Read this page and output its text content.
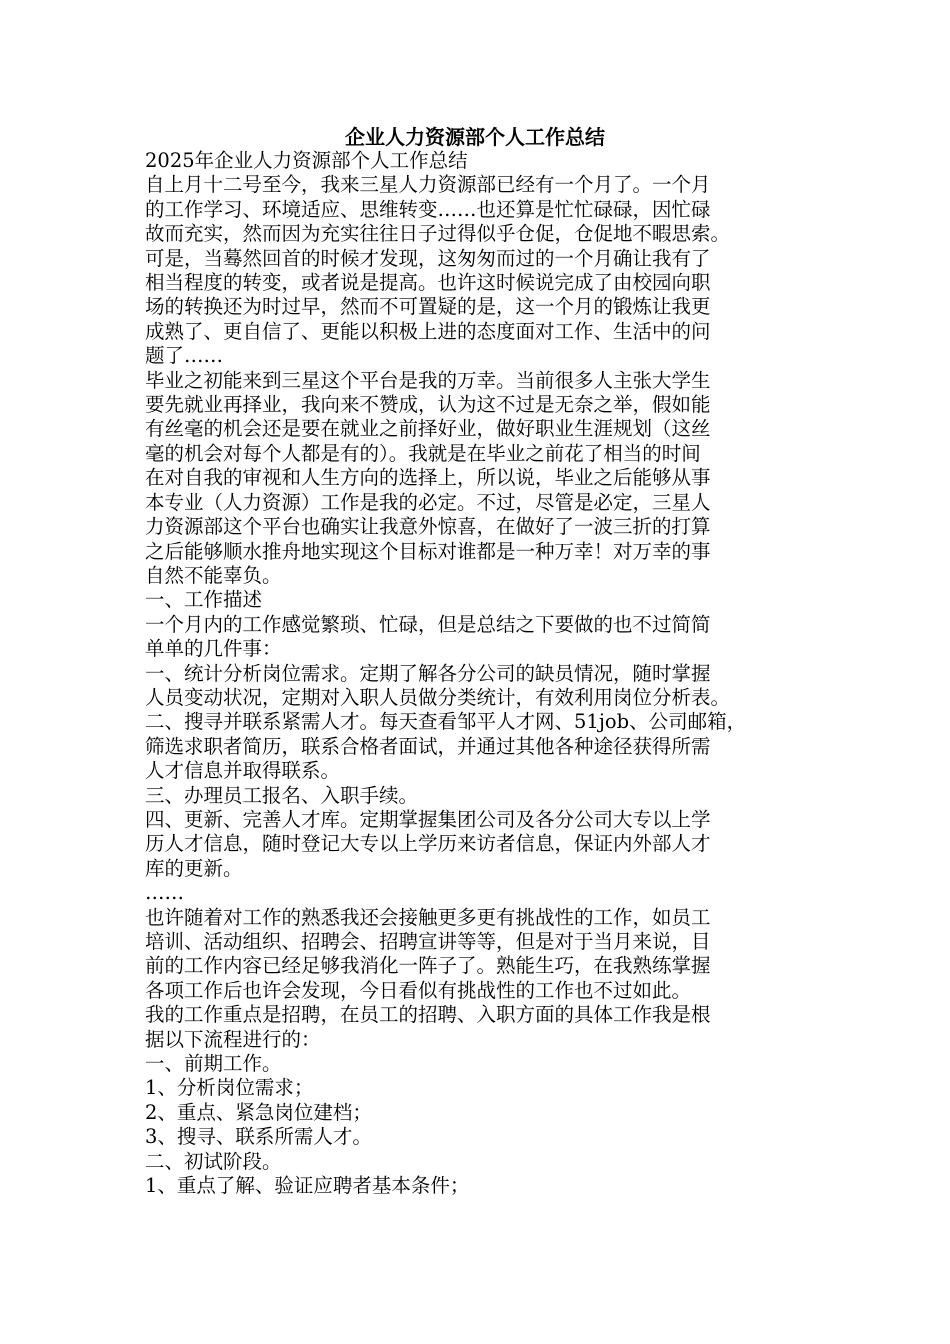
企业人力资源部个人工作总结

2025年企业人力资源部个人工作总结

自上月十二号至今，我来三星人力资源部已经有一个月了。一个月
的工作学习、环境适应、思维转变……也还算是忙忙碌碌，因忙碌
故而充实，然而因为充实往往日子过得似乎仓促，仓促地不暇思索。
可是，当蓦然回首的时候才发现，这匆匆而过的一个月确让我有了
相当程度的转变，或者说是提高。也许这时候说完成了由校园向职
场的转换还为时过早，然而不可置疑的是，这一个月的锻炼让我更
成熟了、更自信了、更能以积极上进的态度面对工作、生活中的问
题了……

毕业之初能来到三星这个平台是我的万幸。当前很多人主张大学生
要先就业再择业，我向来不赞成，认为这不过是无奈之举，假如能
有丝毫的机会还是要在就业之前择好业，做好职业生涯规划（这丝
毫的机会对每个人都是有的）。我就是在毕业之前花了相当的时间
在对自我的审视和人生方向的选择上，所以说，毕业之后能够从事
本专业（人力资源）工作是我的必定。不过，尽管是必定，三星人
力资源部这个平台也确实让我意外惊喜，在做好了一波三折的打算
之后能够顺水推舟地实现这个目标对谁都是一种万幸！对万幸的事
自然不能辜负。

一、工作描述

一个月内的工作感觉繁琐、忙碌，但是总结之下要做的也不过简简
单单的几件事：

一、统计分析岗位需求。定期了解各分公司的缺员情况，随时掌握
人员变动状况，定期对入职人员做分类统计，有效利用岗位分析表。

二、搜寻并联系紧需人才。每天查看邹平人才网、51job、公司邮箱，
筛选求职者简历，联系合格者面试，并通过其他各种途径获得所需
人才信息并取得联系。

三、办理员工报名、入职手续。

四、更新、完善人才库。定期掌握集团公司及各分公司大专以上学
历人才信息，随时登记大专以上学历来访者信息，保证内外部人才
库的更新。

……

也许随着对工作的熟悉我还会接触更多更有挑战性的工作，如员工
培训、活动组织、招聘会、招聘宣讲等等，但是对于当月来说，目
前的工作内容已经足够我消化一阵子了。熟能生巧，在我熟练掌握
各项工作后也许会发现，今日看似有挑战性的工作也不过如此。

我的工作重点是招聘，在员工的招聘、入职方面的具体工作我是根
据以下流程进行的：

一、前期工作。

1、分析岗位需求；

2、重点、紧急岗位建档；

3、搜寻、联系所需人才。

二、初试阶段。

1、重点了解、验证应聘者基本条件；
